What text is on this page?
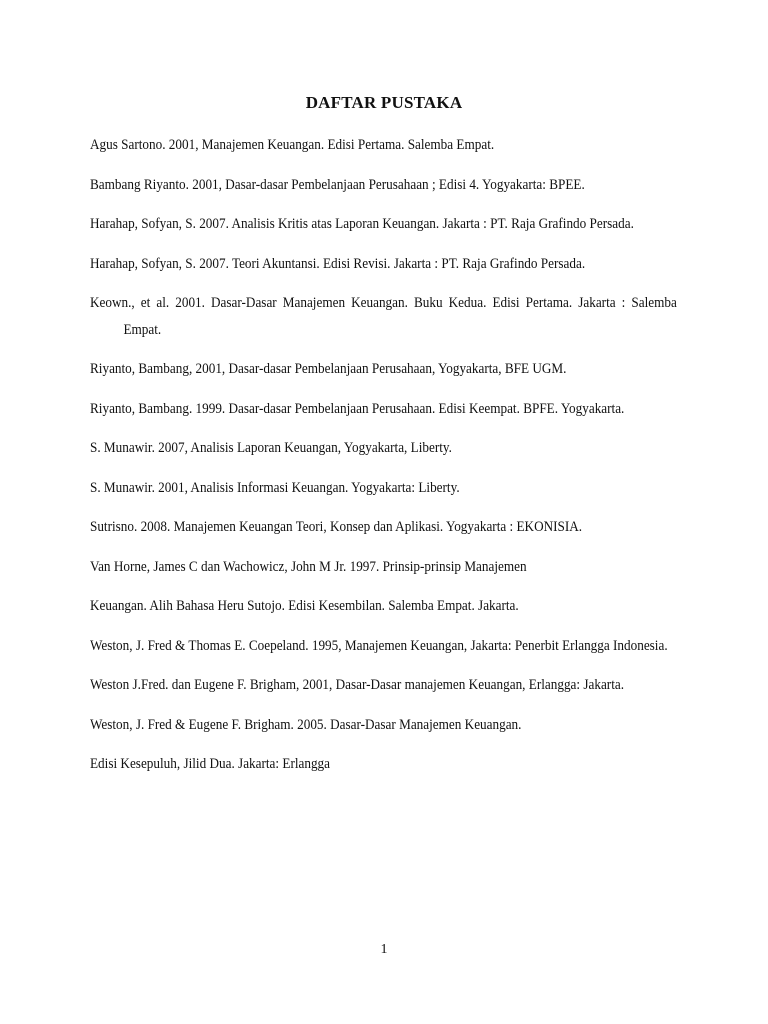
DAFTAR PUSTAKA
Agus Sartono. 2001, Manajemen Keuangan. Edisi Pertama. Salemba Empat.
Bambang Riyanto. 2001, Dasar-dasar Pembelanjaan Perusahaan ; Edisi 4. Yogyakarta: BPEE.
Harahap, Sofyan, S. 2007. Analisis Kritis atas Laporan Keuangan. Jakarta : PT. Raja Grafindo Persada.
Harahap, Sofyan, S. 2007. Teori Akuntansi. Edisi Revisi. Jakarta : PT. Raja Grafindo Persada.
Keown., et al. 2001. Dasar-Dasar Manajemen Keuangan. Buku Kedua. Edisi Pertama. Jakarta : Salemba Empat.
Riyanto, Bambang, 2001, Dasar-dasar Pembelanjaan Perusahaan, Yogyakarta, BFE UGM.
Riyanto, Bambang. 1999. Dasar-dasar Pembelanjaan Perusahaan. Edisi Keempat. BPFE. Yogyakarta.
S. Munawir. 2007, Analisis Laporan Keuangan, Yogyakarta, Liberty.
S. Munawir. 2001, Analisis Informasi Keuangan. Yogyakarta: Liberty.
Sutrisno. 2008. Manajemen Keuangan Teori, Konsep dan Aplikasi. Yogyakarta : EKONISIA.
Van Horne, James C dan Wachowicz, John M Jr. 1997. Prinsip-prinsip Manajemen
Keuangan. Alih Bahasa Heru Sutojo. Edisi Kesembilan. Salemba Empat. Jakarta.
Weston, J. Fred & Thomas E. Coepeland. 1995, Manajemen Keuangan, Jakarta: Penerbit Erlangga Indonesia.
Weston J.Fred. dan Eugene F. Brigham, 2001, Dasar-Dasar manajemen Keuangan, Erlangga: Jakarta.
Weston, J. Fred & Eugene F. Brigham. 2005. Dasar-Dasar Manajemen Keuangan.
Edisi Kesepuluh, Jilid Dua. Jakarta: Erlangga
1
